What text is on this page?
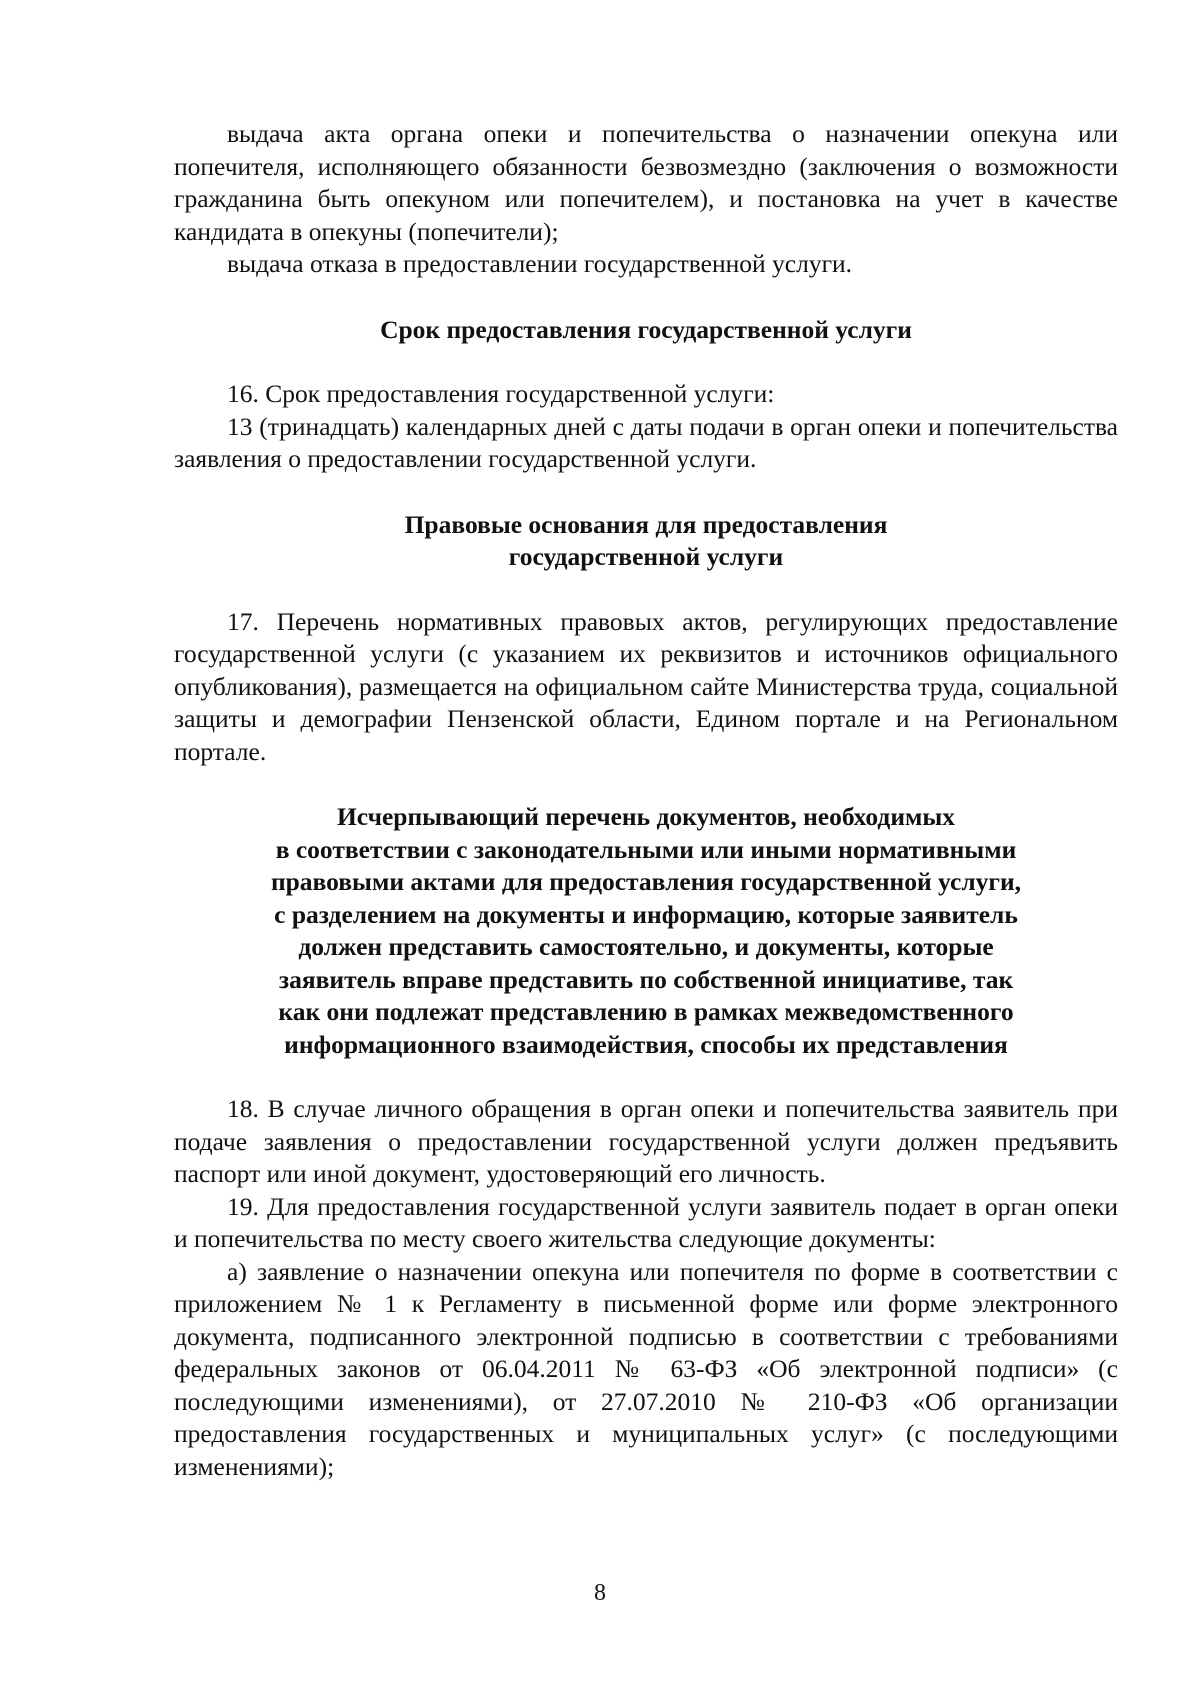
выдача акта органа опеки и попечительства о назначении опекуна или попечителя, исполняющего обязанности безвозмездно (заключения о возможности гражданина быть опекуном или попечителем), и постановка на учет в качестве кандидата в опекуны (попечители);

выдача отказа в предоставлении государственной услуги.

Срок предоставления государственной услуги

16. Срок предоставления государственной услуги:

13 (тринадцать) календарных дней с даты подачи в орган опеки и попечительства заявления о предоставлении государственной услуги.

Правовые основания для предоставления
государственной услуги

17. Перечень нормативных правовых актов, регулирующих предоставление государственной услуги (с указанием их реквизитов и источников официального опубликования), размещается на официальном сайте Министерства труда, социальной защиты и демографии Пензенской области, Едином портале и на Региональном портале.

Исчерпывающий перечень документов, необходимых
в соответствии с законодательными или иными нормативными
правовыми актами для предоставления государственной услуги,
с разделением на документы и информацию, которые заявитель
должен представить самостоятельно, и документы, которые
заявитель вправе представить по собственной инициативе, так
как они подлежат представлению в рамках межведомственного
информационного взаимодействия, способы их представления

18. В случае личного обращения в орган опеки и попечительства заявитель при подаче заявления о предоставлении государственной услуги должен предъявить паспорт или иной документ, удостоверяющий его личность.

19. Для предоставления государственной услуги заявитель подает в орган опеки и попечительства по месту своего жительства следующие документы:

а) заявление о назначении опекуна или попечителя по форме в соответствии с приложением № 1 к Регламенту в письменной форме или форме электронного документа, подписанного электронной подписью в соответствии с требованиями федеральных законов от 06.04.2011 № 63-ФЗ «Об электронной подписи» (с последующими изменениями), от 27.07.2010 № 210-ФЗ «Об организации предоставления государственных и муниципальных услуг» (с последующими изменениями);

8
